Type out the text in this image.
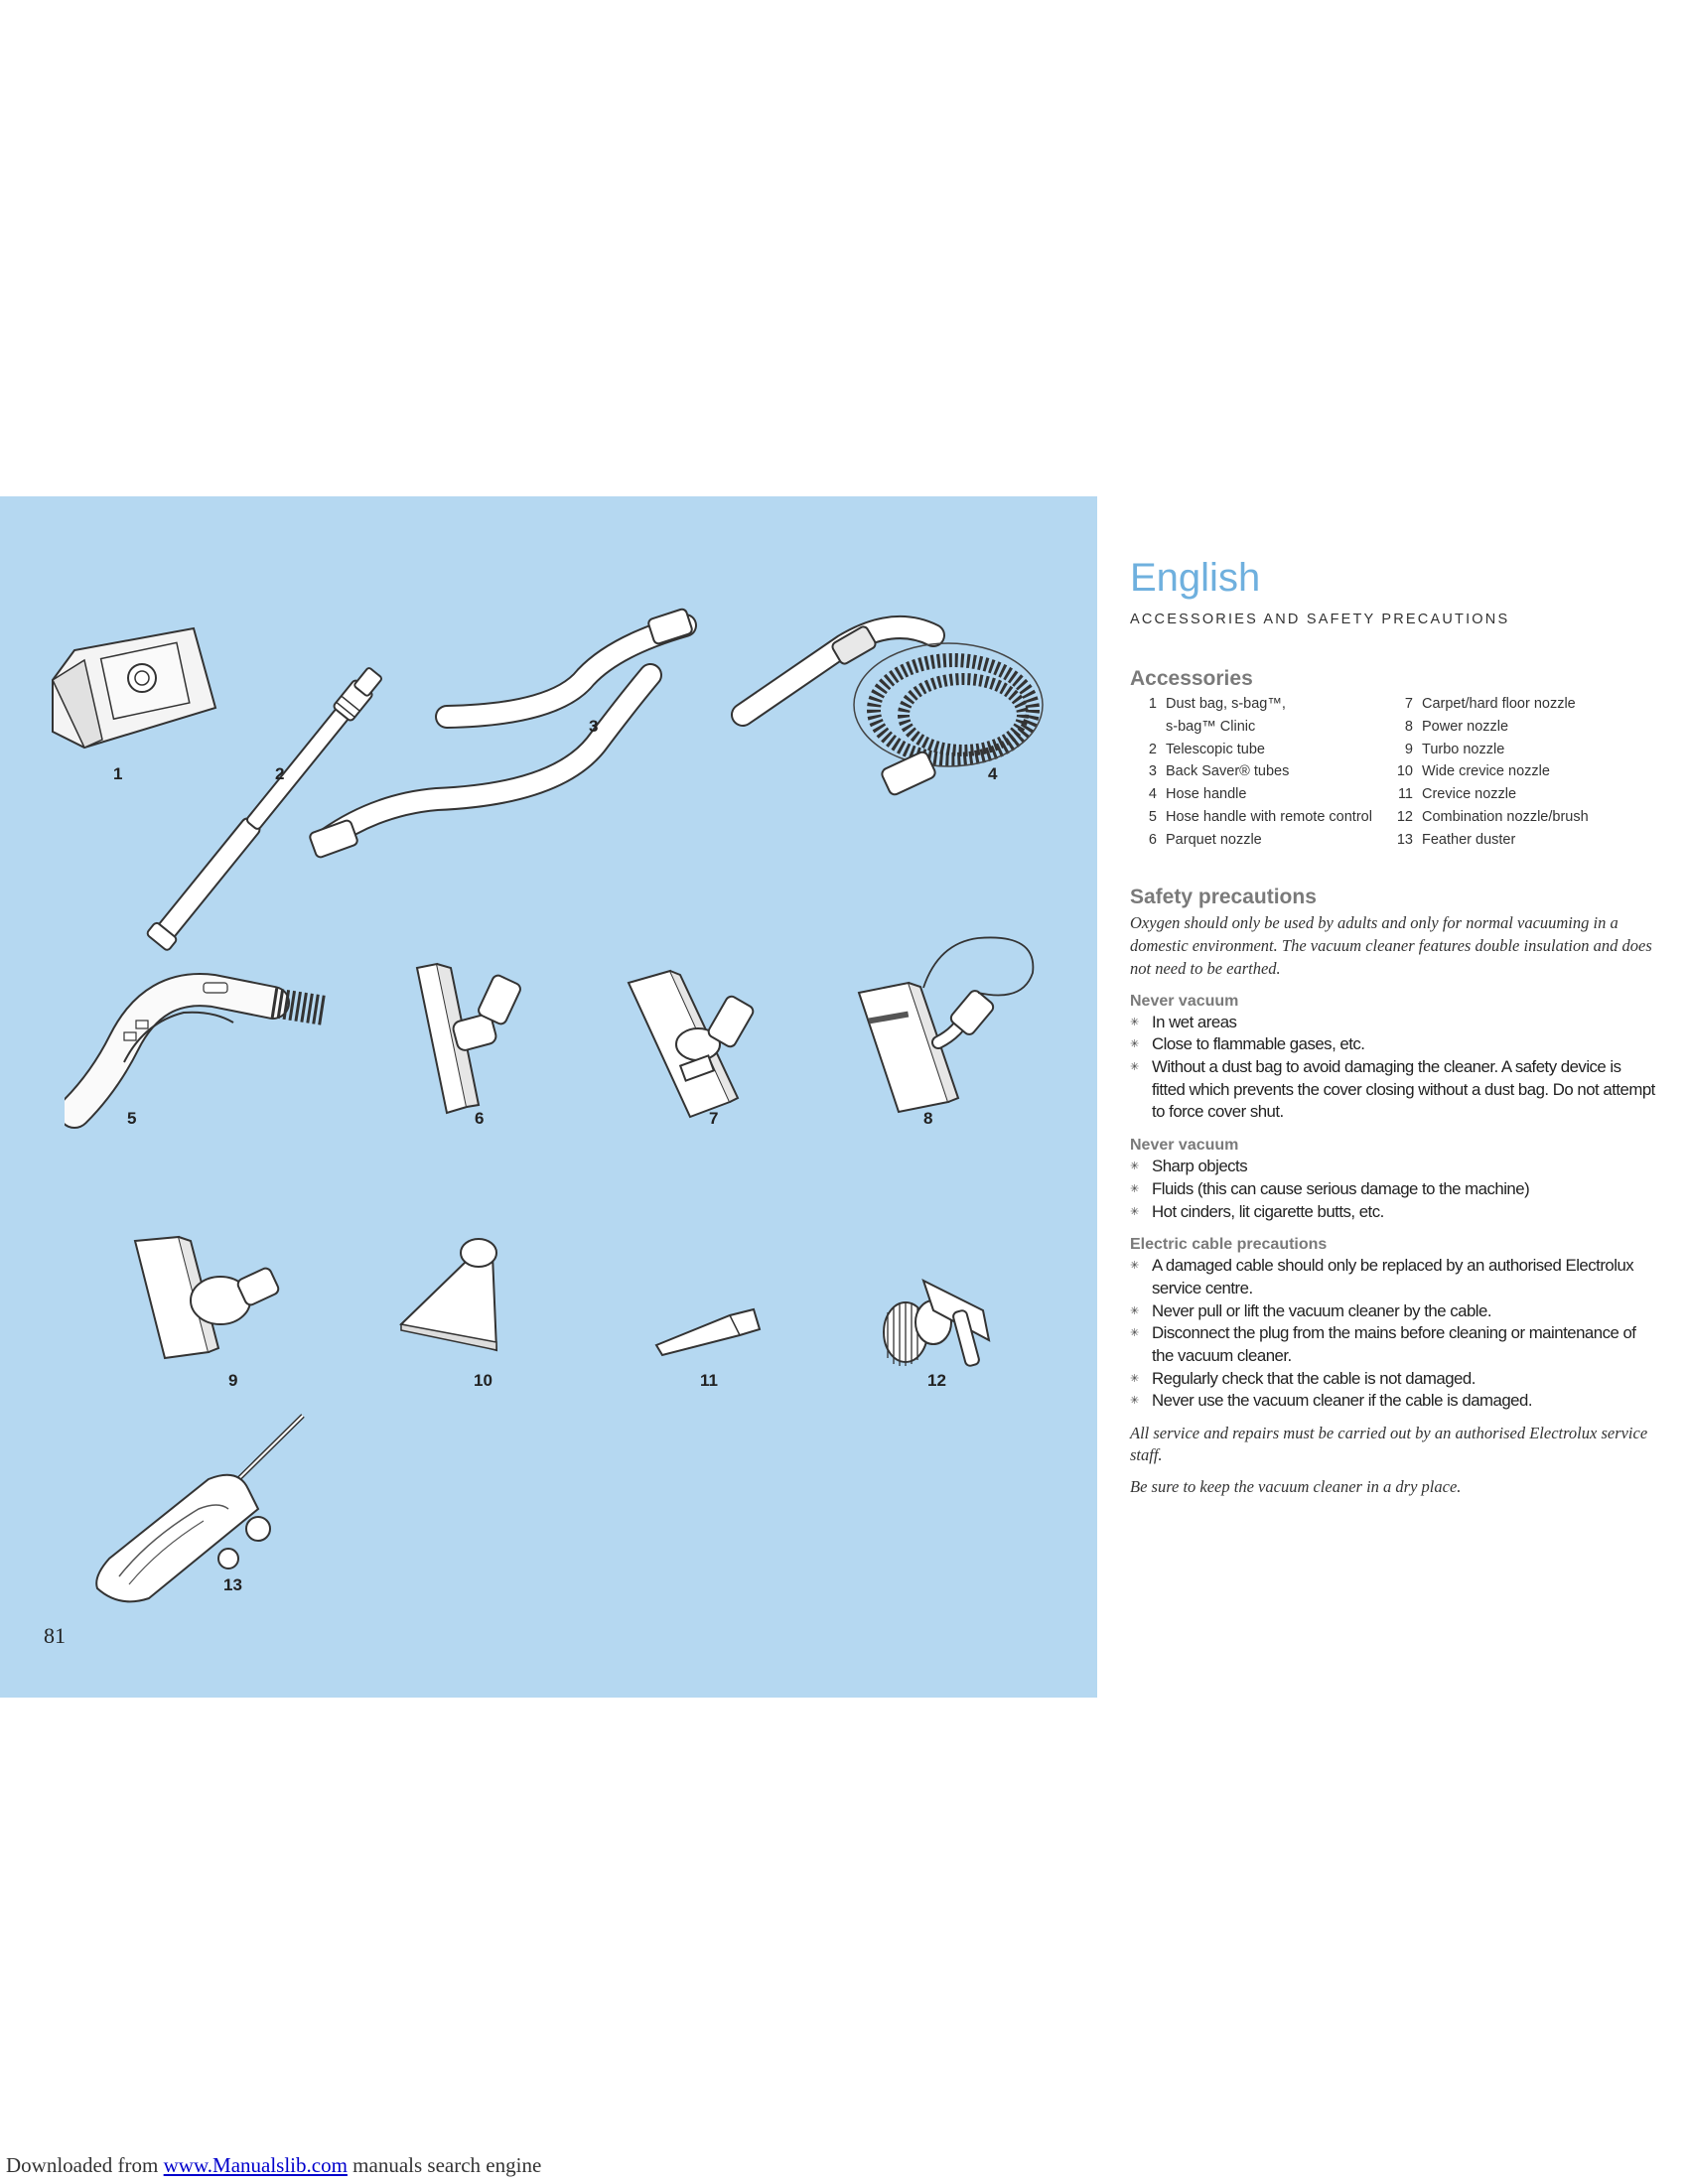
1	2
3
4
5	6	7	8
9	10	11	12
13
81
English
ACCESSORIES AND SAFETY PRECAUTIONS
Accessories
1 Dust bag, s-bag™,
s-bag™ Clinic
2 Telescopic tube
3 Back Saver® tubes
4 Hose handle
5 Hose handle with remote control
6 Parquet nozzle
7 Carpet/hard floor nozzle
8 Power nozzle
9 Turbo nozzle
10 Wide crevice nozzle
11 Crevice nozzle
12 Combination nozzle/brush
13 Feather duster
Safety precautions

Oxygen should only be used by adults and only for normal vacuuming in a domestic environment. The vacuum cleaner features double insulation and does not need to be earthed.

Never vacuum
✳ In wet areas
✳ Close to flammable gases, etc.
✳ Without a dust bag to avoid damaging the cleaner. A safety device is fitted which prevents the cover closing without a dust bag. Do not attempt to force cover shut.
Never vacuum
✳ Sharp objects
✳ Fluids (this can cause serious damage to the machine)
✳ Hot cinders, lit cigarette butts, etc.
Electric cable precautions
✳ A damaged cable should only be replaced by an authorised Electrolux service centre.
✳ Never pull or lift the vacuum cleaner by the cable.
✳ Disconnect the plug from the mains before cleaning or maintenance of the vacuum cleaner.
✳ Regularly check that the cable is not damaged.
✳ Never use the vacuum cleaner if the cable is damaged.

All service and repairs must be carried out by an authorised Electrolux service staff.

Be sure to keep the vacuum cleaner in a dry place.

Downloaded from www.Manualslib.com manuals search engine
